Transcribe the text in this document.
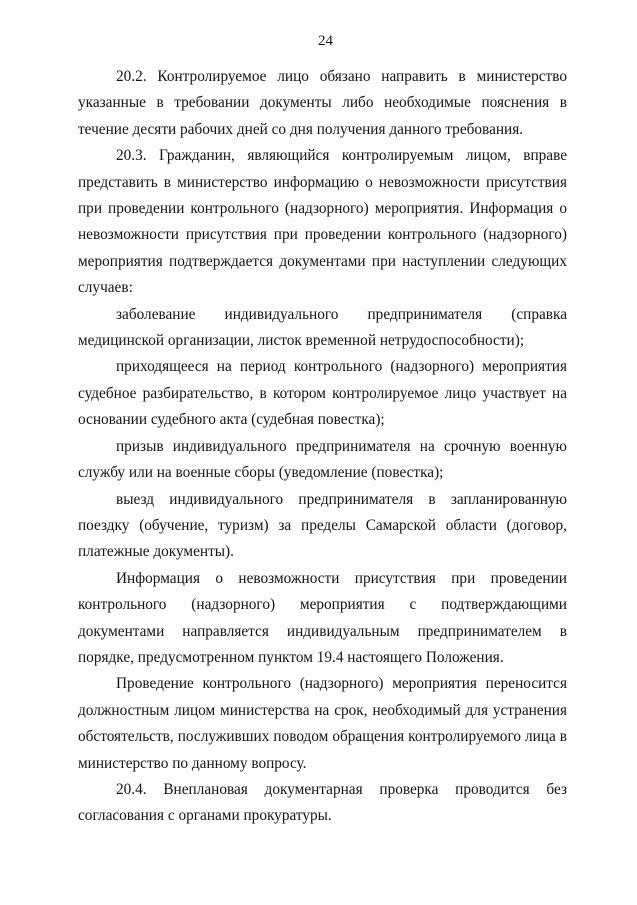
24

20.2. Контролируемое лицо обязано направить в министерство указанные в требовании документы либо необходимые пояснения в течение десяти рабочих дней со дня получения данного требования.

20.3. Гражданин, являющийся контролируемым лицом, вправе представить в министерство информацию о невозможности присутствия при проведении контрольного (надзорного) мероприятия. Информация о невозможности присутствия при проведении контрольного (надзорного) мероприятия подтверждается документами при наступлении следующих случаев:

заболевание индивидуального предпринимателя (справка медицинской организации, листок временной нетрудоспособности);

приходящееся на период контрольного (надзорного) мероприятия судебное разбирательство, в котором контролируемое лицо участвует на основании судебного акта (судебная повестка);

призыв индивидуального предпринимателя на срочную военную службу или на военные сборы (уведомление (повестка);

выезд индивидуального предпринимателя в запланированную поездку (обучение, туризм) за пределы Самарской области (договор, платежные документы).

Информация о невозможности присутствия при проведении контрольного (надзорного) мероприятия с подтверждающими документами направляется индивидуальным предпринимателем в порядке, предусмотренном пунктом 19.4 настоящего Положения.

Проведение контрольного (надзорного) мероприятия переносится должностным лицом министерства на срок, необходимый для устранения обстоятельств, послуживших поводом обращения контролируемого лица в министерство по данному вопросу.

20.4. Внеплановая документарная проверка проводится без согласования с органами прокуратуры.
